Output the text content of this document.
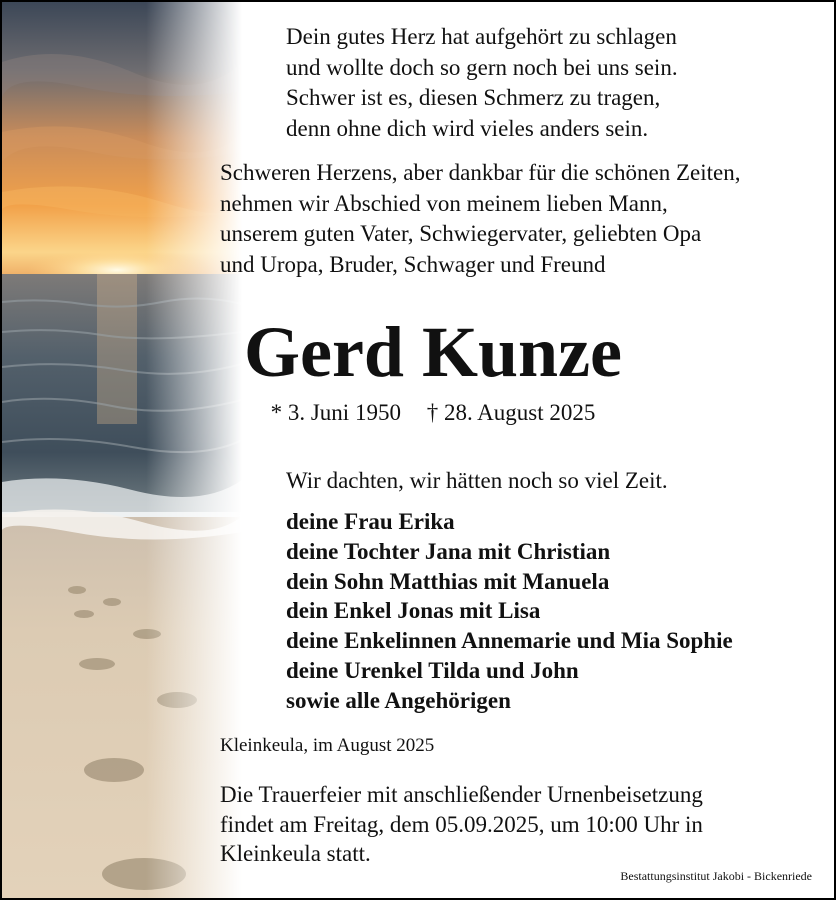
Dein gutes Herz hat aufgehört zu schlagen
und wollte doch so gern noch bei uns sein.
Schwer ist es, diesen Schmerz zu tragen,
denn ohne dich wird vieles anders sein.
Schweren Herzens, aber dankbar für die schönen Zeiten,
nehmen wir Abschied von meinem lieben Mann,
unserem guten Vater, Schwiegervater, geliebten Opa
und Uropa, Bruder, Schwager und Freund
Gerd Kunze
* 3. Juni 1950 † 28. August 2025
Wir dachten, wir hätten noch so viel Zeit.
deine Frau Erika
deine Tochter Jana mit Christian
dein Sohn Matthias mit Manuela
dein Enkel Jonas mit Lisa
deine Enkelinnen Annemarie und Mia Sophie
deine Urenkel Tilda und John
sowie alle Angehörigen
Kleinkeula, im August 2025
Die Trauerfeier mit anschließender Urnenbeisetzung
findet am Freitag, dem 05.09.2025, um 10:00 Uhr in
Kleinkeula statt.
Bestattungsinstitut Jakobi - Bickenriede
